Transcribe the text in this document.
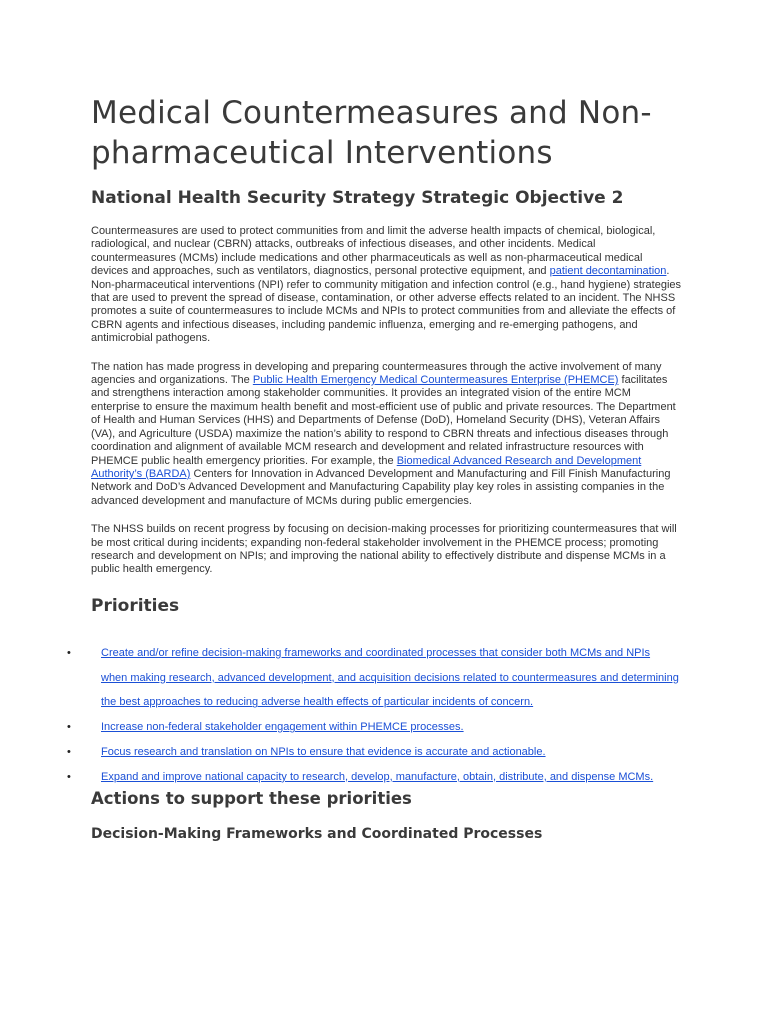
Medical Countermeasures and Non-pharmaceutical Interventions
National Health Security Strategy Strategic Objective 2

Countermeasures are used to protect communities from and limit the adverse health impacts of chemical, biological, radiological, and nuclear (CBRN) attacks, outbreaks of infectious diseases, and other incidents. Medical countermeasures (MCMs) include medications and other pharmaceuticals as well as non-pharmaceutical medical devices and approaches, such as ventilators, diagnostics, personal protective equipment, and patient decontamination. Non-pharmaceutical interventions (NPI) refer to community mitigation and infection control (e.g., hand hygiene) strategies that are used to prevent the spread of disease, contamination, or other adverse effects related to an incident. The NHSS promotes a suite of countermeasures to include MCMs and NPIs to protect communities from and alleviate the effects of CBRN agents and infectious diseases, including pandemic influenza, emerging and re-emerging pathogens, and antimicrobial pathogens.

The nation has made progress in developing and preparing countermeasures through the active involvement of many agencies and organizations. The Public Health Emergency Medical Countermeasures Enterprise (PHEMCE) facilitates and strengthens interaction among stakeholder communities. It provides an integrated vision of the entire MCM enterprise to ensure the maximum health benefit and most-efficient use of public and private resources. The Department of Health and Human Services (HHS) and Departments of Defense (DoD), Homeland Security (DHS), Veteran Affairs (VA), and Agriculture (USDA) maximize the nation’s ability to respond to CBRN threats and infectious diseases through coordination and alignment of available MCM research and development and related infrastructure resources with PHEMCE public health emergency priorities. For example, the Biomedical Advanced Research and Development Authority’s (BARDA) Centers for Innovation in Advanced Development and Manufacturing and Fill Finish Manufacturing Network and DoD’s Advanced Development and Manufacturing Capability play key roles in assisting companies in the advanced development and manufacture of MCMs during public emergencies.

The NHSS builds on recent progress by focusing on decision-making processes for prioritizing countermeasures that will be most critical during incidents; expanding non-federal stakeholder involvement in the PHEMCE process; promoting research and development on NPIs; and improving the national ability to effectively distribute and dispense MCMs in a public health emergency.

Priorities
•	Create and/or refine decision-making frameworks and coordinated processes that consider both MCMs and NPIs when making research, advanced development, and acquisition decisions related to countermeasures and determining the best approaches to reducing adverse health effects of particular incidents of concern.
•	Increase non-federal stakeholder engagement within PHEMCE processes.
•	Focus research and translation on NPIs to ensure that evidence is accurate and actionable.
•	Expand and improve national capacity to research, develop, manufacture, obtain, distribute, and dispense MCMs.
Actions to support these priorities
Decision-Making Frameworks and Coordinated Processes
